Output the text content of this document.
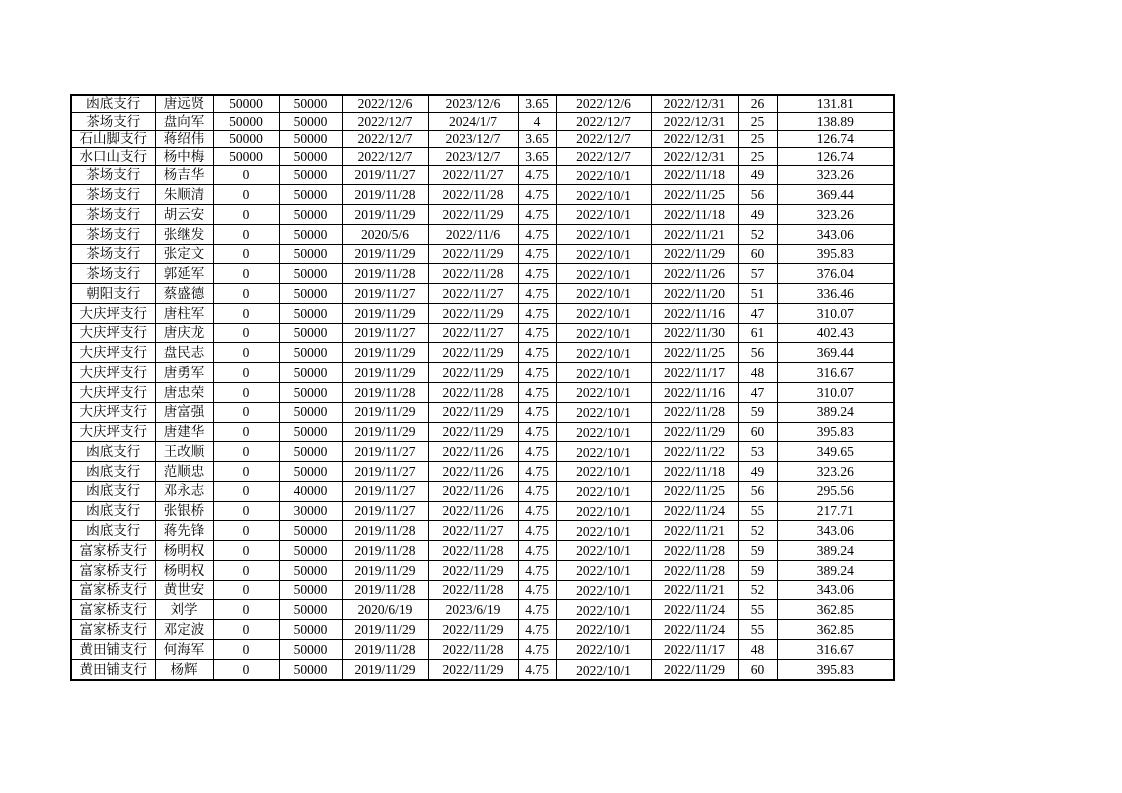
凼底支行	唐远贤	50000	50000	2022/12/6	2023/12/6	3.65	2022/12/6	2022/12/31	26	131.81
茶场支行	盘向军	50000	50000	2022/12/7	2024/1/7	4	2022/12/7	2022/12/31	25	138.89
石山脚支行	蒋绍伟	50000	50000	2022/12/7	2023/12/7	3.65	2022/12/7	2022/12/31	25	126.74
水口山支行	杨中梅	50000	50000	2022/12/7	2023/12/7	3.65	2022/12/7	2022/12/31	25	126.74
茶场支行	杨吉华	0	50000	2019/11/27	2022/11/27	4.75	2022/10/1	2022/11/18	49	323.26
茶场支行	朱顺清	0	50000	2019/11/28	2022/11/28	4.75	2022/10/1	2022/11/25	56	369.44
茶场支行	胡云安	0	50000	2019/11/29	2022/11/29	4.75	2022/10/1	2022/11/18	49	323.26
茶场支行	张继发	0	50000	2020/5/6	2022/11/6	4.75	2022/10/1	2022/11/21	52	343.06
茶场支行	张定文	0	50000	2019/11/29	2022/11/29	4.75	2022/10/1	2022/11/29	60	395.83
茶场支行	郭延军	0	50000	2019/11/28	2022/11/28	4.75	2022/10/1	2022/11/26	57	376.04
朝阳支行	蔡盛德	0	50000	2019/11/27	2022/11/27	4.75	2022/10/1	2022/11/20	51	336.46
大庆坪支行	唐柱军	0	50000	2019/11/29	2022/11/29	4.75	2022/10/1	2022/11/16	47	310.07
大庆坪支行	唐庆龙	0	50000	2019/11/27	2022/11/27	4.75	2022/10/1	2022/11/30	61	402.43
大庆坪支行	盘民志	0	50000	2019/11/29	2022/11/29	4.75	2022/10/1	2022/11/25	56	369.44
大庆坪支行	唐勇军	0	50000	2019/11/29	2022/11/29	4.75	2022/10/1	2022/11/17	48	316.67
大庆坪支行	唐忠荣	0	50000	2019/11/28	2022/11/28	4.75	2022/10/1	2022/11/16	47	310.07
大庆坪支行	唐富强	0	50000	2019/11/29	2022/11/29	4.75	2022/10/1	2022/11/28	59	389.24
大庆坪支行	唐建华	0	50000	2019/11/29	2022/11/29	4.75	2022/10/1	2022/11/29	60	395.83
凼底支行	王改顺	0	50000	2019/11/27	2022/11/26	4.75	2022/10/1	2022/11/22	53	349.65
凼底支行	范顺忠	0	50000	2019/11/27	2022/11/26	4.75	2022/10/1	2022/11/18	49	323.26
凼底支行	邓永志	0	40000	2019/11/27	2022/11/26	4.75	2022/10/1	2022/11/25	56	295.56
凼底支行	张银桥	0	30000	2019/11/27	2022/11/26	4.75	2022/10/1	2022/11/24	55	217.71
凼底支行	蒋先锋	0	50000	2019/11/28	2022/11/27	4.75	2022/10/1	2022/11/21	52	343.06
富家桥支行	杨明权	0	50000	2019/11/28	2022/11/28	4.75	2022/10/1	2022/11/28	59	389.24
富家桥支行	杨明权	0	50000	2019/11/29	2022/11/29	4.75	2022/10/1	2022/11/28	59	389.24
富家桥支行	黄世安	0	50000	2019/11/28	2022/11/28	4.75	2022/10/1	2022/11/21	52	343.06
富家桥支行	刘学	0	50000	2020/6/19	2023/6/19	4.75	2022/10/1	2022/11/24	55	362.85
富家桥支行	邓定波	0	50000	2019/11/29	2022/11/29	4.75	2022/10/1	2022/11/24	55	362.85
黄田铺支行	何海军	0	50000	2019/11/28	2022/11/28	4.75	2022/10/1	2022/11/17	48	316.67
黄田铺支行	杨辉	0	50000	2019/11/29	2022/11/29	4.75	2022/10/1	2022/11/29	60	395.83
